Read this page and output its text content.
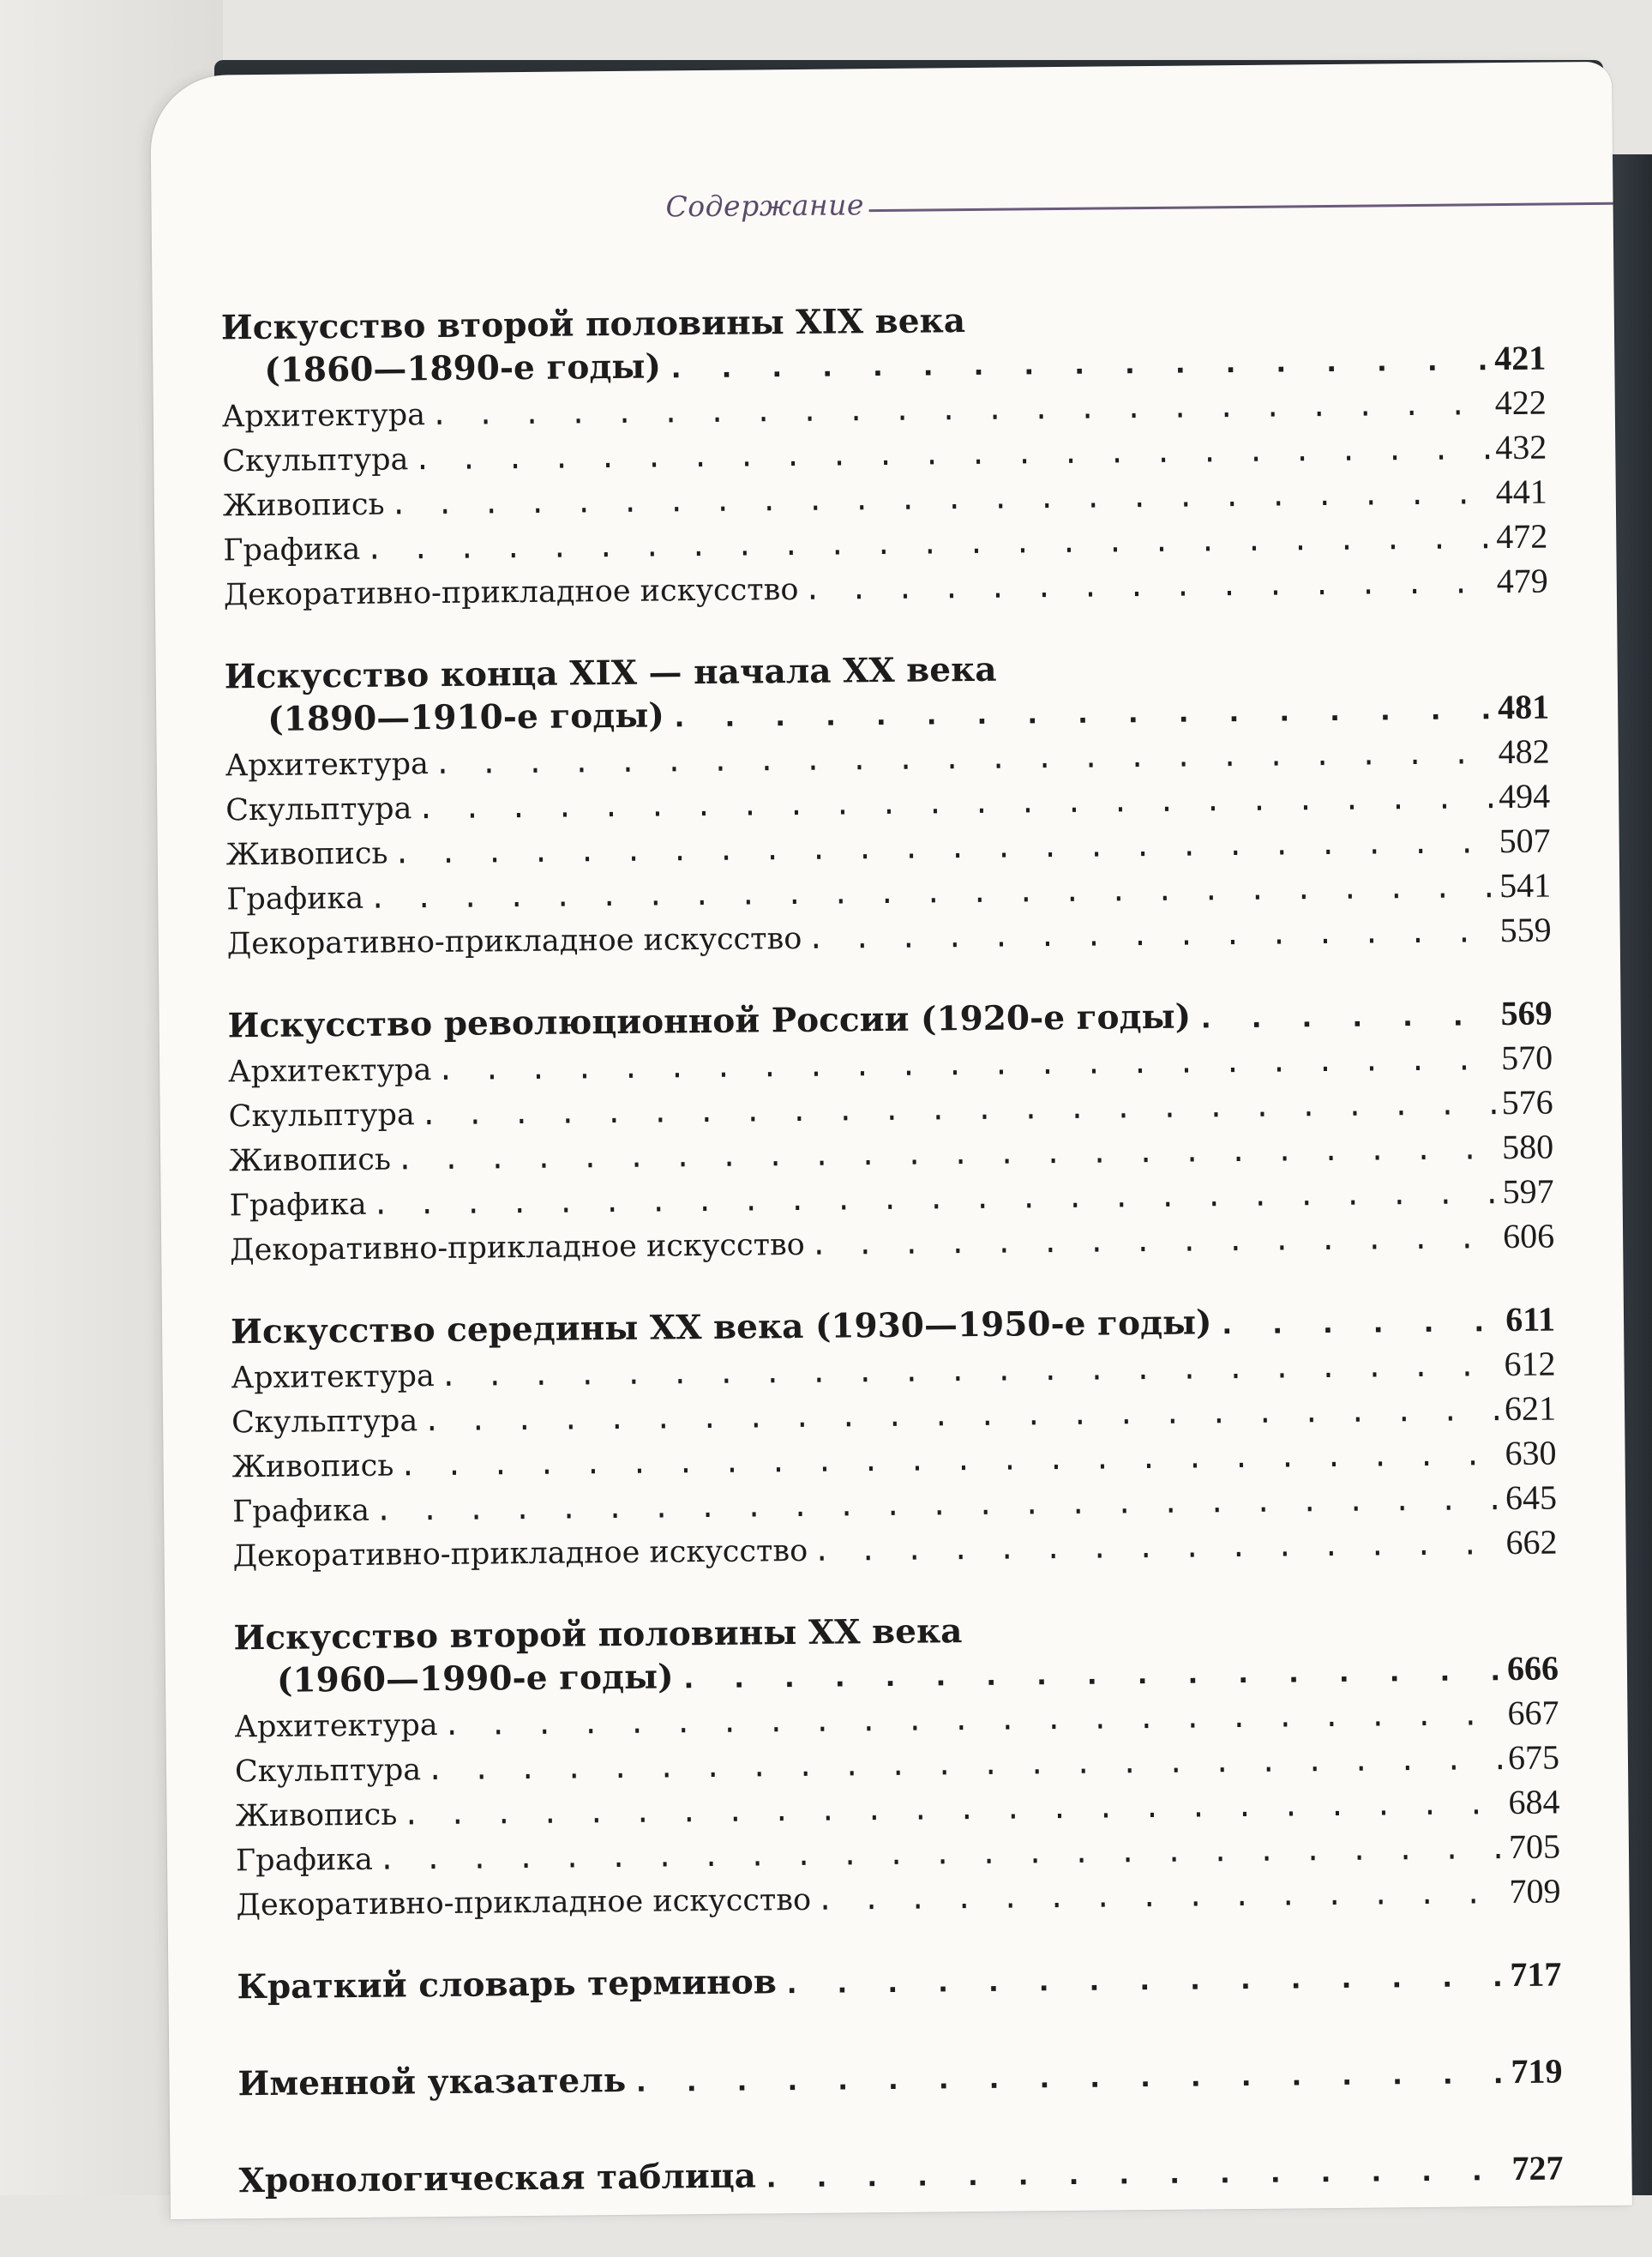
Содержание
Искусство второй половины XIX века
(1860—1890-е годы) . . .	421
Архитектура . . .	422
Скульптура . . .	432
Живопись . . .	441
Графика . . .	472
Декоративно-прикладное искусство . . .	479
Искусство конца XIX — начала XX века
(1890—1910-е годы) . . .	481
Архитектура . . .	482
Скульптура . . .	494
Живопись . . .	507
Графика . . .	541
Декоративно-прикладное искусство . . .	559
Искусство революционной России (1920-е годы) . . .	569
Архитектура . . .	570
Скульптура . . .	576
Живопись . . .	580
Графика . . .	597
Декоративно-прикладное искусство . . .	606
Искусство середины XX века (1930—1950-е годы) . . .	611
Архитектура . . .	612
Скульптура . . .	621
Живопись . . .	630
Графика . . .	645
Декоративно-прикладное искусство . . .	662
Искусство второй половины XX века
(1960—1990-е годы) . . .	666
Архитектура . . .	667
Скульптура . . .	675
Живопись . . .	684
Графика . . .	705
Декоративно-прикладное искусство . . .	709
Краткий словарь терминов . . .	717
Именной указатель . . .	719
Хронологическая таблица . . .	727
